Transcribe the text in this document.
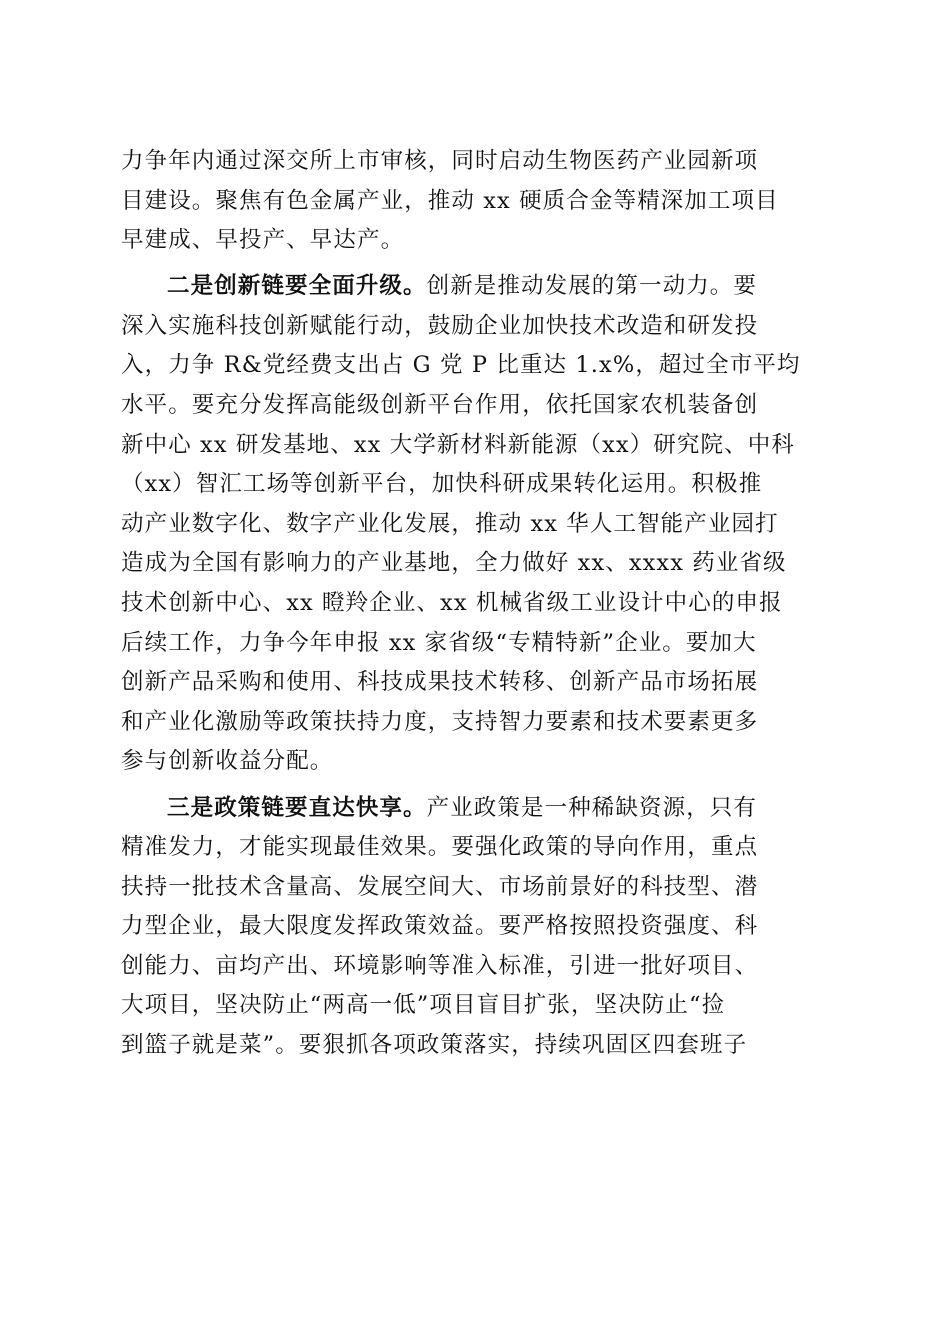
力争年内通过深交所上市审核，同时启动生物医药产业园新项
目建设。聚焦有色金属产业，推动 xx 硬质合金等精深加工项目
早建成、早投产、早达产。
二是创新链要全面升级。创新是推动发展的第一动力。要
深入实施科技创新赋能行动，鼓励企业加快技术改造和研发投
入，力争 R&党经费支出占 G 党 P 比重达 1.x%，超过全市平均
水平。要充分发挥高能级创新平台作用，依托国家农机装备创
新中心 xx 研发基地、xx 大学新材料新能源（xx）研究院、中科
（xx）智汇工场等创新平台，加快科研成果转化运用。积极推
动产业数字化、数字产业化发展，推动 xx 华人工智能产业园打
造成为全国有影响力的产业基地，全力做好 xx、xxxx 药业省级
技术创新中心、xx 瞪羚企业、xx 机械省级工业设计中心的申报
后续工作，力争今年申报 xx 家省级“专精特新”企业。要加大
创新产品采购和使用、科技成果技术转移、创新产品市场拓展
和产业化激励等政策扶持力度，支持智力要素和技术要素更多
参与创新收益分配。
三是政策链要直达快享。产业政策是一种稀缺资源，只有
精准发力，才能实现最佳效果。要强化政策的导向作用，重点
扶持一批技术含量高、发展空间大、市场前景好的科技型、潜
力型企业，最大限度发挥政策效益。要严格按照投资强度、科
创能力、亩均产出、环境影响等准入标准，引进一批好项目、
大项目，坚决防止“两高一低”项目盲目扩张，坚决防止“捡
到篮子就是菜”。要狠抓各项政策落实，持续巩固区四套班子
